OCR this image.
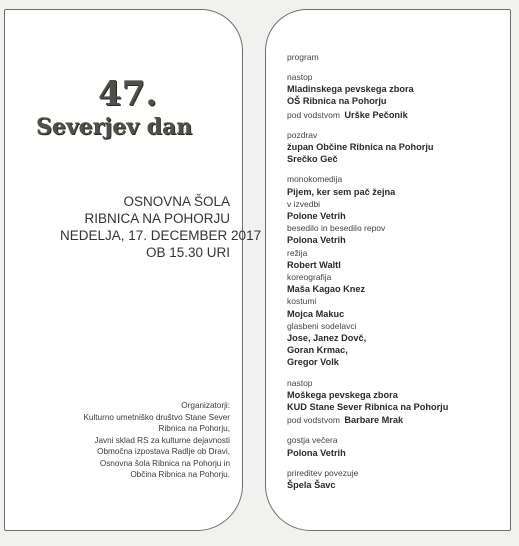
47.
Severjev dan
OSNOVNA ŠOLA
RIBNICA NA POHORJU
NEDELJA, 17. DECEMBER 2017
OB 15.30 URI
Organizatorji:
Kulturno umetniško društvo Stane Sever
Ribnica na Pohorju,
Javni sklad RS za kulturne dejavnosti
Območna izpostava Radlje ob Dravi,
Osnovna šola Ribnica na Pohorju in
Občina Ribnica na Pohorju.
program
nastop
Mladinskega pevskega zbora
OŠ Ribnica na Pohorju
pod vodstvom Urške Pečonik
pozdrav
župan Občine Ribnica na Pohorju
Srečko Geč
monokomedija
Pijem, ker sem pač žejna
v izvedbi
Polone Vetrih
besedilo in besedilo repov
Polona Vetrih
režija
Robert Waltl
koreografija
Maša Kagao Knez
kostumi
Mojca Makuc
glasbeni sodelavci
Jose, Janez Dovč,
Goran Krmac,
Gregor Volk
nastop
Moškega pevskega zbora
KUD Stane Sever Ribnica na Pohorju
pod vodstvom Barbare Mrak
gostja večera
Polona Vetrih
prireditev povezuje
Špela Šavc
